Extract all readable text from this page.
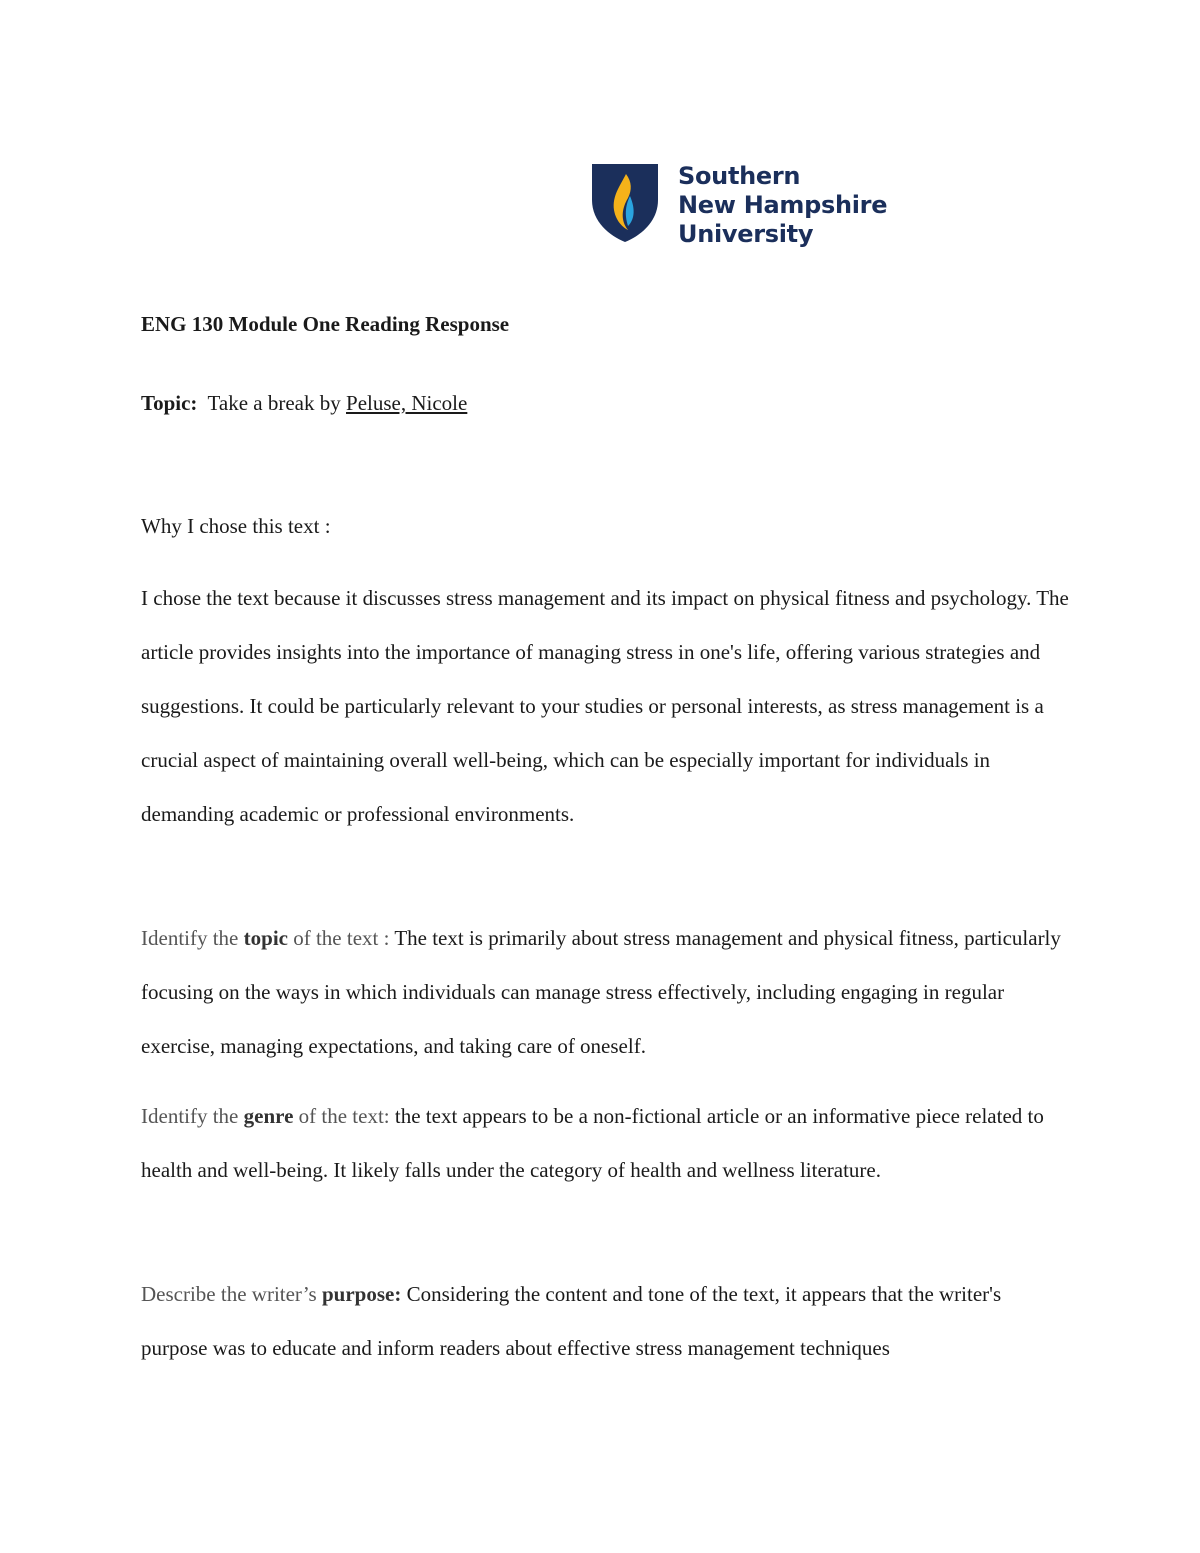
Southern
New Hampshire
University
ENG 130 Module One Reading Response
Topic: Take a break by Peluse, Nicole
Why I chose this text :

I chose the text because it discusses stress management and its impact on physical fitness and psychology. The article provides insights into the importance of managing stress in one's life, offering various strategies and suggestions. It could be particularly relevant to your studies or personal interests, as stress management is a crucial aspect of maintaining overall well-being, which can be especially important for individuals in demanding academic or professional environments.

Identify the topic of the text : The text is primarily about stress management and physical fitness, particularly focusing on the ways in which individuals can manage stress effectively, including engaging in regular exercise, managing expectations, and taking care of oneself.

Identify the genre of the text: the text appears to be a non-fictional article or an informative piece related to health and well-being. It likely falls under the category of health and wellness literature.

Describe the writer’s purpose: Considering the content and tone of the text, it appears that the writer's purpose was to educate and inform readers about effective stress management techniques
